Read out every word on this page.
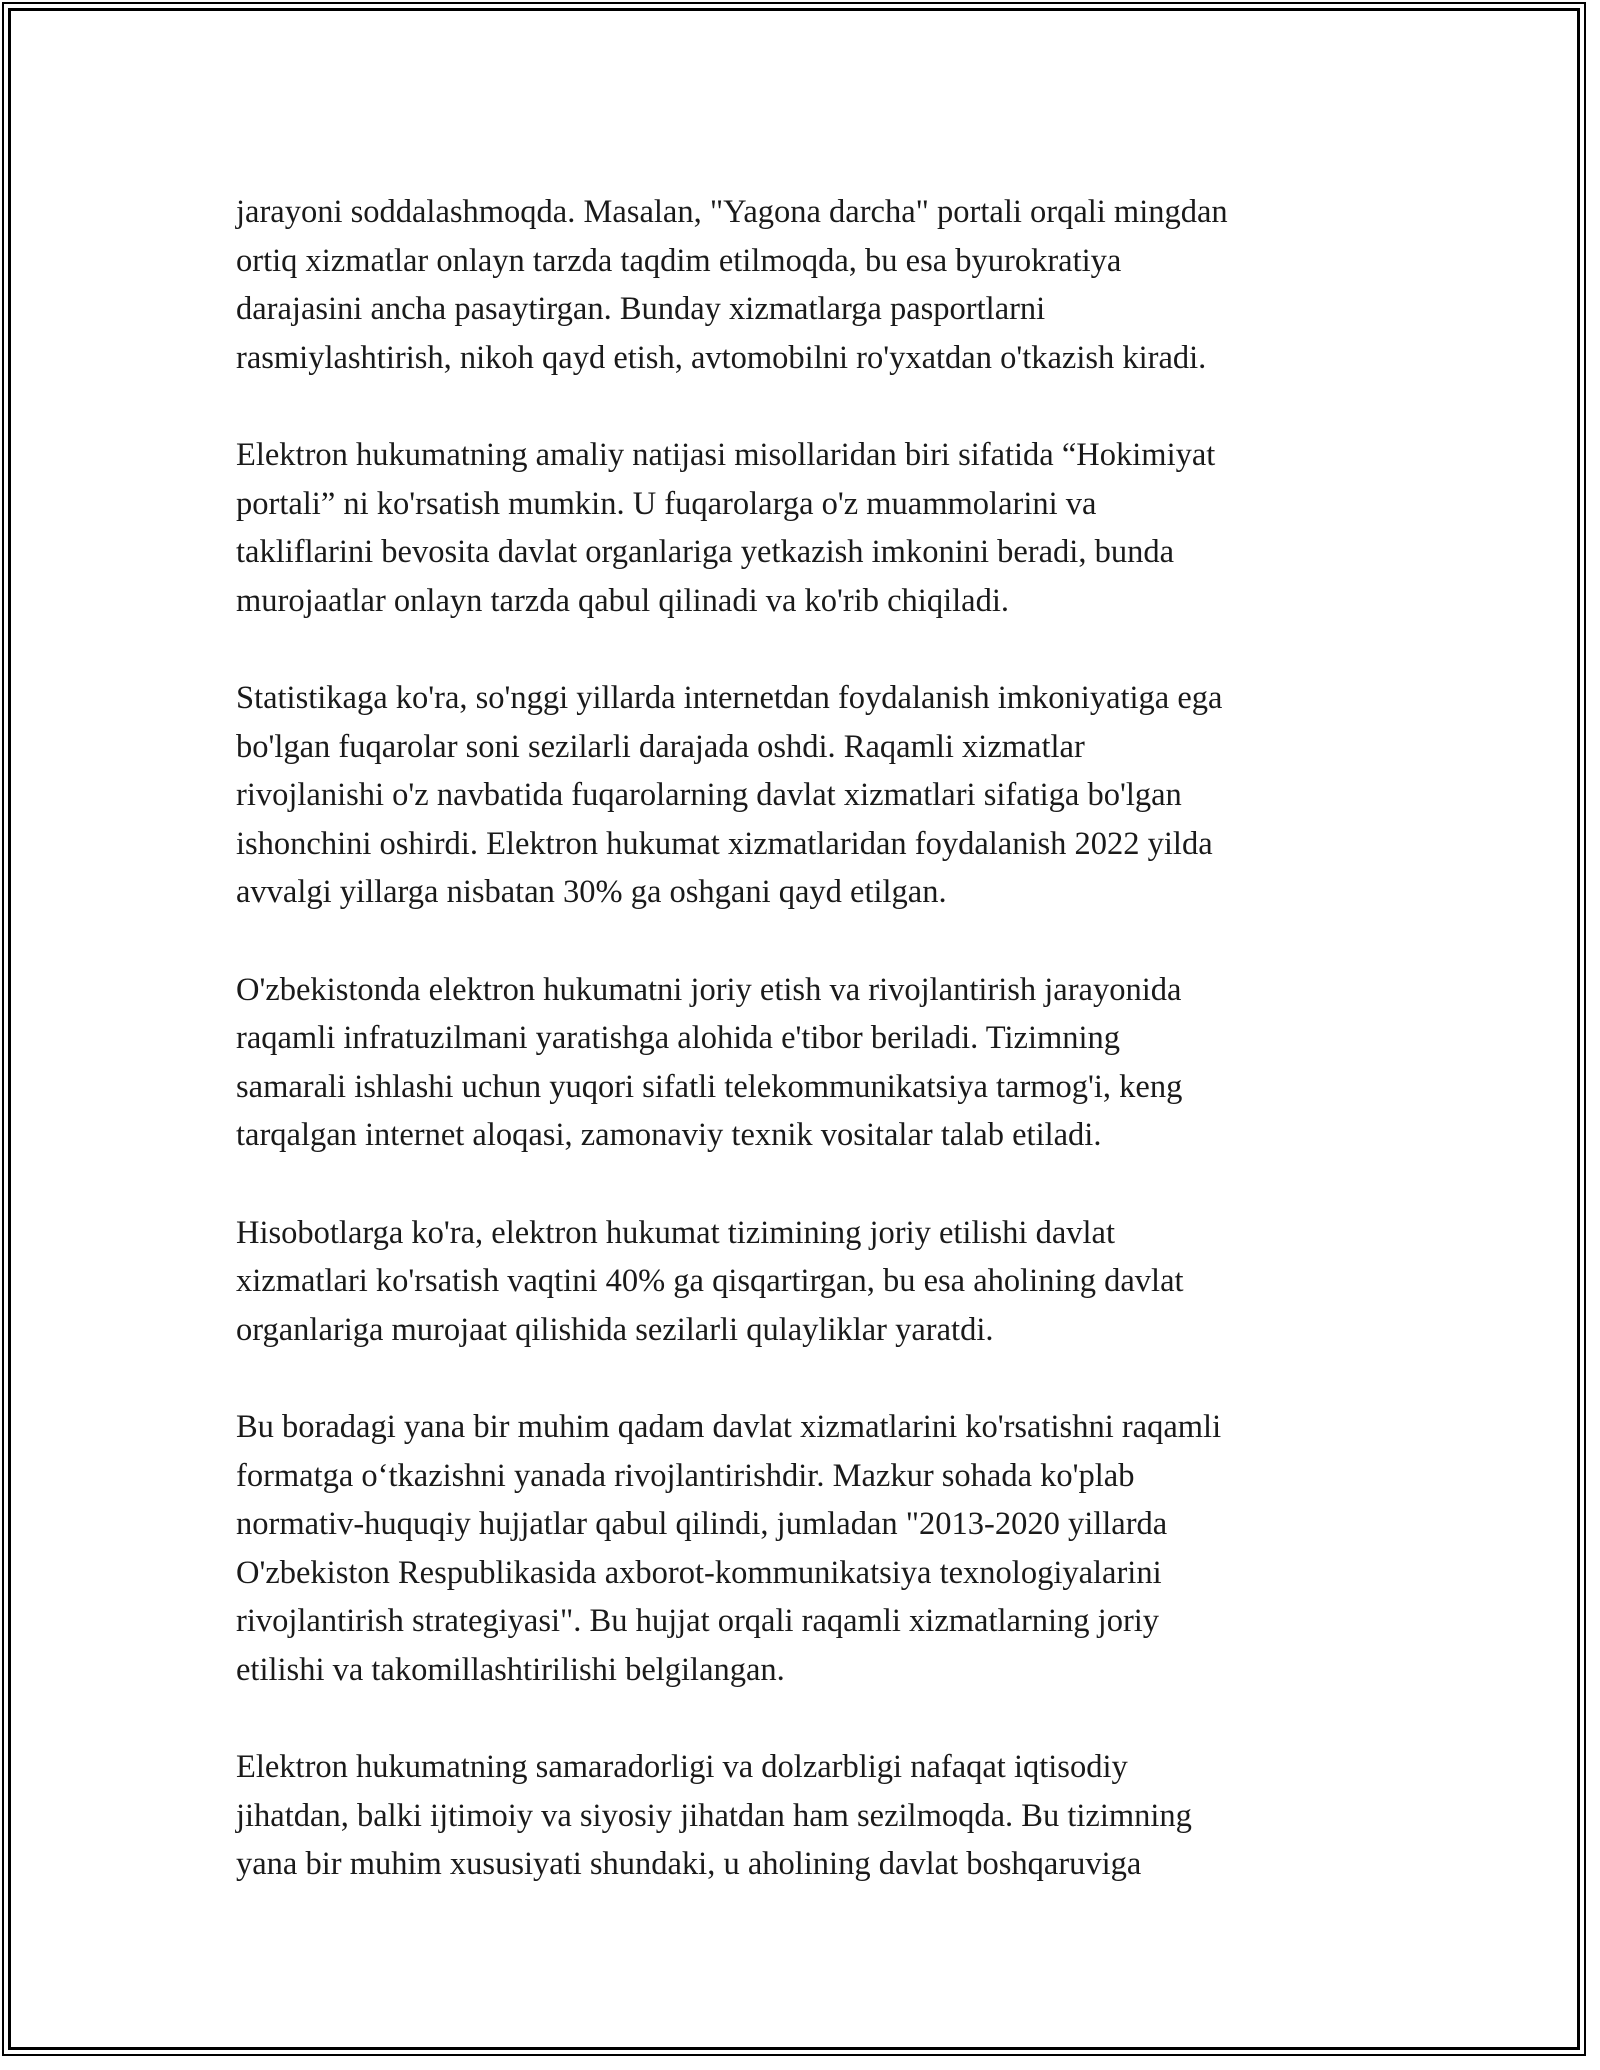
jarayoni soddalashmoqda. Masalan, "Yagona darcha" portali orqali mingdan
ortiq xizmatlar onlayn tarzda taqdim etilmoqda, bu esa byurokratiya
darajasini ancha pasaytirgan. Bunday xizmatlarga pasportlarni
rasmiylashtirish, nikoh qayd etish, avtomobilni ro'yxatdan o'tkazish kiradi.

Elektron hukumatning amaliy natijasi misollaridan biri sifatida “Hokimiyat
portali” ni ko'rsatish mumkin. U fuqarolarga o'z muammolarini va
takliflarini bevosita davlat organlariga yetkazish imkonini beradi, bunda
murojaatlar onlayn tarzda qabul qilinadi va ko'rib chiqiladi.

Statistikaga ko'ra, so'nggi yillarda internetdan foydalanish imkoniyatiga ega
bo'lgan fuqarolar soni sezilarli darajada oshdi. Raqamli xizmatlar
rivojlanishi o'z navbatida fuqarolarning davlat xizmatlari sifatiga bo'lgan
ishonchini oshirdi. Elektron hukumat xizmatlaridan foydalanish 2022 yilda
avvalgi yillarga nisbatan 30% ga oshgani qayd etilgan.

O'zbekistonda elektron hukumatni joriy etish va rivojlantirish jarayonida
raqamli infratuzilmani yaratishga alohida e'tibor beriladi. Tizimning
samarali ishlashi uchun yuqori sifatli telekommunikatsiya tarmog'i, keng
tarqalgan internet aloqasi, zamonaviy texnik vositalar talab etiladi.

Hisobotlarga ko'ra, elektron hukumat tizimining joriy etilishi davlat
xizmatlari ko'rsatish vaqtini 40% ga qisqartirgan, bu esa aholining davlat
organlariga murojaat qilishida sezilarli qulayliklar yaratdi.

Bu boradagi yana bir muhim qadam davlat xizmatlarini ko'rsatishni raqamli
formatga o‘tkazishni yanada rivojlantirishdir. Mazkur sohada ko'plab
normativ-huquqiy hujjatlar qabul qilindi, jumladan "2013-2020 yillarda
O'zbekiston Respublikasida axborot-kommunikatsiya texnologiyalarini
rivojlantirish strategiyasi". Bu hujjat orqali raqamli xizmatlarning joriy
etilishi va takomillashtirilishi belgilangan.

Elektron hukumatning samaradorligi va dolzarbligi nafaqat iqtisodiy
jihatdan, balki ijtimoiy va siyosiy jihatdan ham sezilmoqda. Bu tizimning
yana bir muhim xususiyati shundaki, u aholining davlat boshqaruviga
